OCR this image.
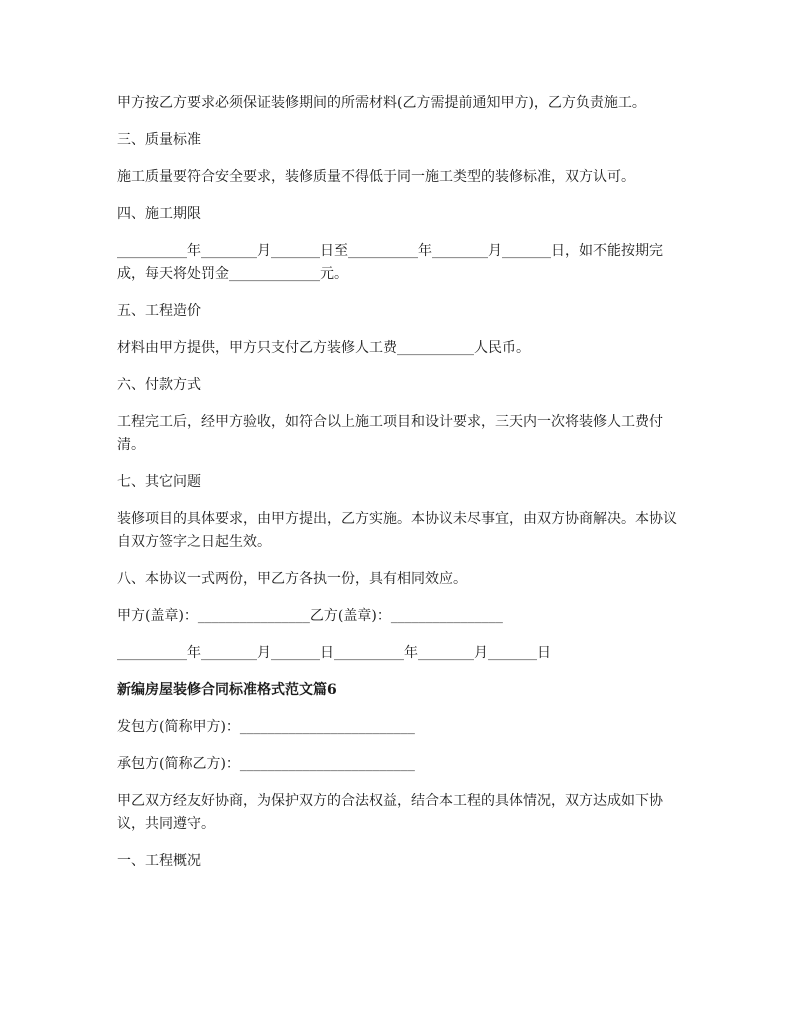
甲方按乙方要求必须保证装修期间的所需材料(乙方需提前通知甲方)，乙方负责施工。

三、质量标准

施工质量要符合安全要求，装修质量不得低于同一施工类型的装修标准，双方认可。

四、施工期限

__________年________月_______日至__________年________月_______日，如不能按期完成，每天将处罚金_____________元。

五、工程造价

材料由甲方提供，甲方只支付乙方装修人工费___________人民币。

六、付款方式

工程完工后，经甲方验收，如符合以上施工项目和设计要求，三天内一次将装修人工费付清。

七、其它问题

装修项目的具体要求，由甲方提出，乙方实施。本协议未尽事宜，由双方协商解决。本协议自双方签字之日起生效。

八、本协议一式两份，甲乙方各执一份，具有相同效应。

甲方(盖章)：________________乙方(盖章)：________________

__________年________月_______日__________年________月_______日

新编房屋装修合同标准格式范文篇6

发包方(简称甲方)：_________________________

承包方(简称乙方)：_________________________

甲乙双方经友好协商，为保护双方的合法权益，结合本工程的具体情况，双方达成如下协议，共同遵守。

一、工程概况
